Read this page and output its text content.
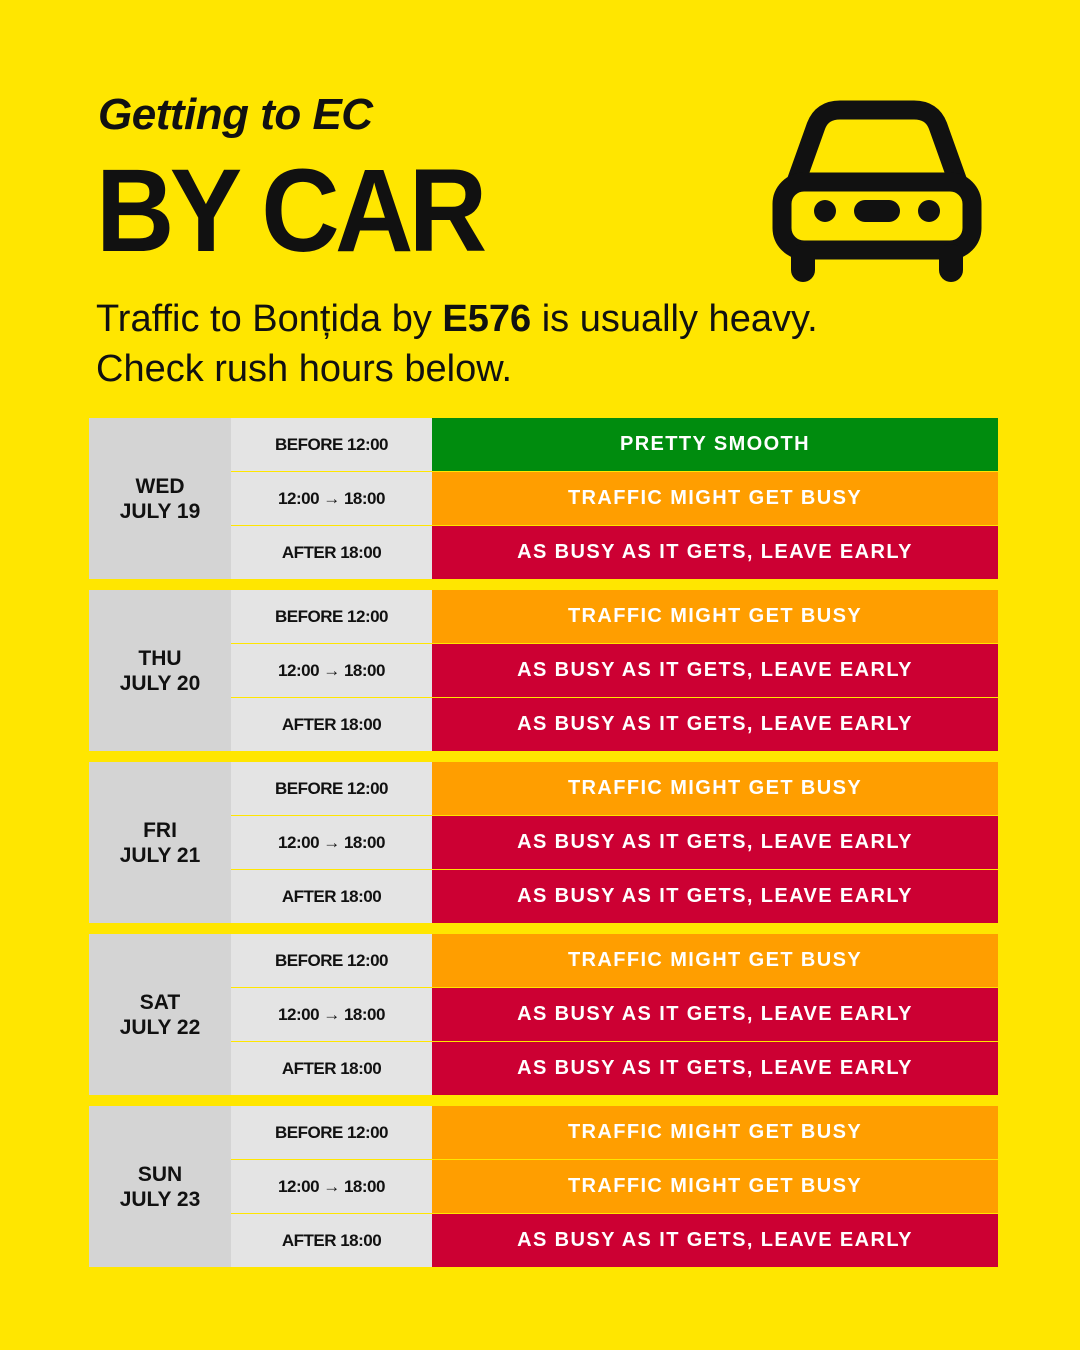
Getting to EC
BY CAR

Traffic to Bonțida by E576 is usually heavy.
Check rush hours below.

WED
JULY 19
BEFORE 12:00	PRETTY SMOOTH
12:00 → 18:00	TRAFFIC MIGHT GET BUSY
AFTER 18:00	AS BUSY AS IT GETS, LEAVE EARLY
THU
JULY 20
BEFORE 12:00	TRAFFIC MIGHT GET BUSY
12:00 → 18:00	AS BUSY AS IT GETS, LEAVE EARLY
AFTER 18:00	AS BUSY AS IT GETS, LEAVE EARLY
FRI
JULY 21
BEFORE 12:00	TRAFFIC MIGHT GET BUSY
12:00 → 18:00	AS BUSY AS IT GETS, LEAVE EARLY
AFTER 18:00	AS BUSY AS IT GETS, LEAVE EARLY
SAT
JULY 22
BEFORE 12:00	TRAFFIC MIGHT GET BUSY
12:00 → 18:00	AS BUSY AS IT GETS, LEAVE EARLY
AFTER 18:00	AS BUSY AS IT GETS, LEAVE EARLY
SUN
JULY 23
BEFORE 12:00	TRAFFIC MIGHT GET BUSY
12:00 → 18:00	TRAFFIC MIGHT GET BUSY
AFTER 18:00	AS BUSY AS IT GETS, LEAVE EARLY
